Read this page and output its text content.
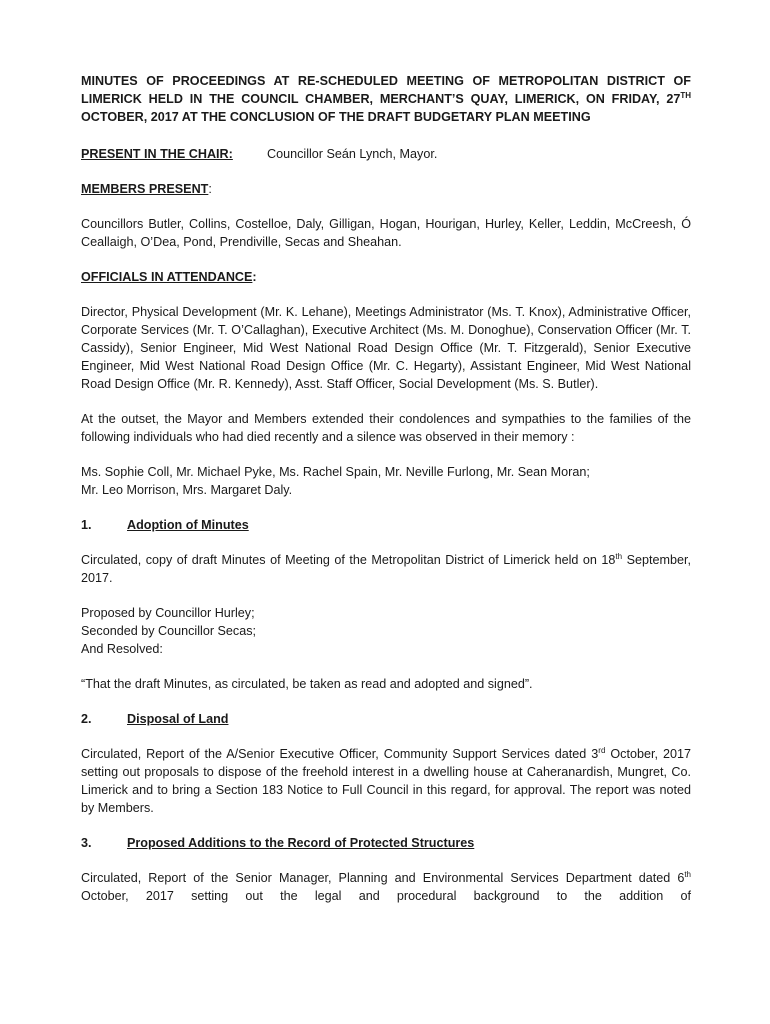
MINUTES OF PROCEEDINGS AT RE-SCHEDULED MEETING OF METROPOLITAN DISTRICT OF LIMERICK HELD IN THE COUNCIL CHAMBER, MERCHANT’S QUAY, LIMERICK, ON FRIDAY, 27TH OCTOBER, 2017 AT THE CONCLUSION OF THE DRAFT BUDGETARY PLAN MEETING
PRESENT IN THE CHAIR:	Councillor Seán Lynch, Mayor.
MEMBERS PRESENT:

Councillors Butler, Collins, Costelloe, Daly, Gilligan, Hogan, Hourigan, Hurley, Keller, Leddin, McCreesh, Ó Ceallaigh, O’Dea, Pond, Prendiville, Secas and Sheahan.

OFFICIALS IN ATTENDANCE:

Director, Physical Development (Mr. K. Lehane), Meetings Administrator (Ms. T. Knox), Administrative Officer, Corporate Services (Mr. T. O’Callaghan), Executive Architect (Ms. M. Donoghue), Conservation Officer (Mr. T. Cassidy), Senior Engineer, Mid West National Road Design Office (Mr. T. Fitzgerald), Senior Executive Engineer, Mid West National Road Design Office (Mr. C. Hegarty), Assistant Engineer, Mid West National Road Design Office (Mr. R. Kennedy), Asst. Staff Officer, Social Development (Ms. S. Butler).

At the outset, the Mayor and Members extended their condolences and sympathies to the families of the following individuals who had died recently and a silence was observed in their memory :

Ms. Sophie Coll, Mr. Michael Pyke, Ms. Rachel Spain, Mr. Neville Furlong, Mr. Sean Moran;
Mr. Leo Morrison, Mrs. Margaret Daly.
1.	Adoption of Minutes

Circulated, copy of draft Minutes of Meeting of the Metropolitan District of Limerick held on 18th September, 2017.

Proposed by Councillor Hurley;
Seconded by Councillor Secas;
And Resolved:

“That the draft Minutes, as circulated, be taken as read and adopted and signed”.

2.	Disposal of Land

Circulated, Report of the A/Senior Executive Officer, Community Support Services dated 3rd October, 2017 setting out proposals to dispose of the freehold interest in a dwelling house at Caheranardish, Mungret, Co. Limerick and to bring a Section 183 Notice to Full Council in this regard, for approval. The report was noted by Members.

3.	Proposed Additions to the Record of Protected Structures

Circulated, Report of the Senior Manager, Planning and Environmental Services Department dated 6th October, 2017 setting out the legal and procedural background to the addition of
